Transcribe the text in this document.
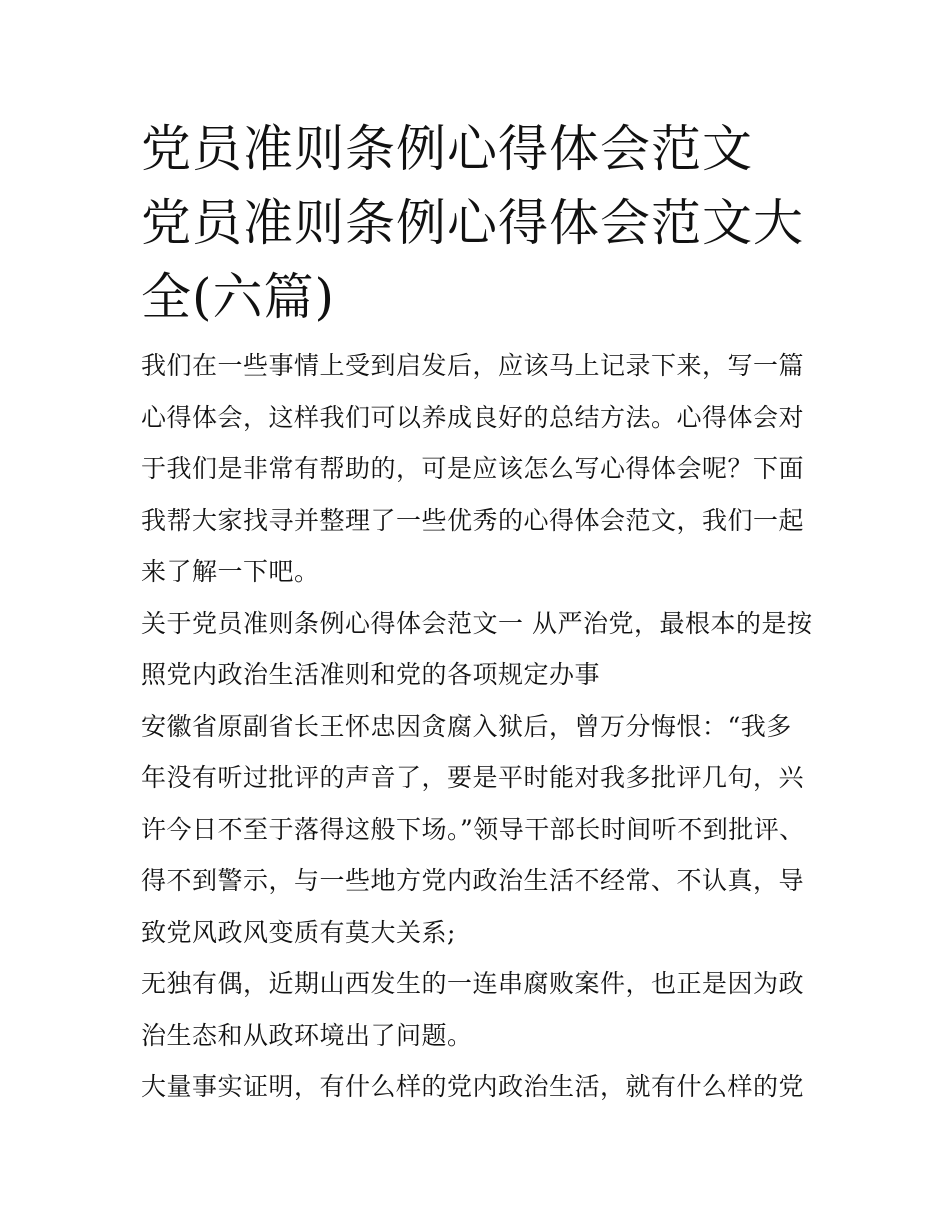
党员准则条例心得体会范文 党员准则条例心得体会范文大全(六篇)

我们在一些事情上受到启发后，应该马上记录下来，写一篇心得体会，这样我们可以养成良好的总结方法。心得体会对于我们是非常有帮助的，可是应该怎么写心得体会呢？下面我帮大家找寻并整理了一些优秀的心得体会范文，我们一起来了解一下吧。

关于党员准则条例心得体会范文一 从严治党，最根本的是按照党内政治生活准则和党的各项规定办事

安徽省原副省长王怀忠因贪腐入狱后，曾万分悔恨：“我多年没有听过批评的声音了，要是平时能对我多批评几句，兴许今日不至于落得这般下场。”领导干部长时间听不到批评、得不到警示，与一些地方党内政治生活不经常、不认真，导致党风政风变质有莫大关系;

无独有偶，近期山西发生的一连串腐败案件，也正是因为政治生态和从政环境出了问题。

大量事实证明，有什么样的党内政治生活，就有什么样的党
